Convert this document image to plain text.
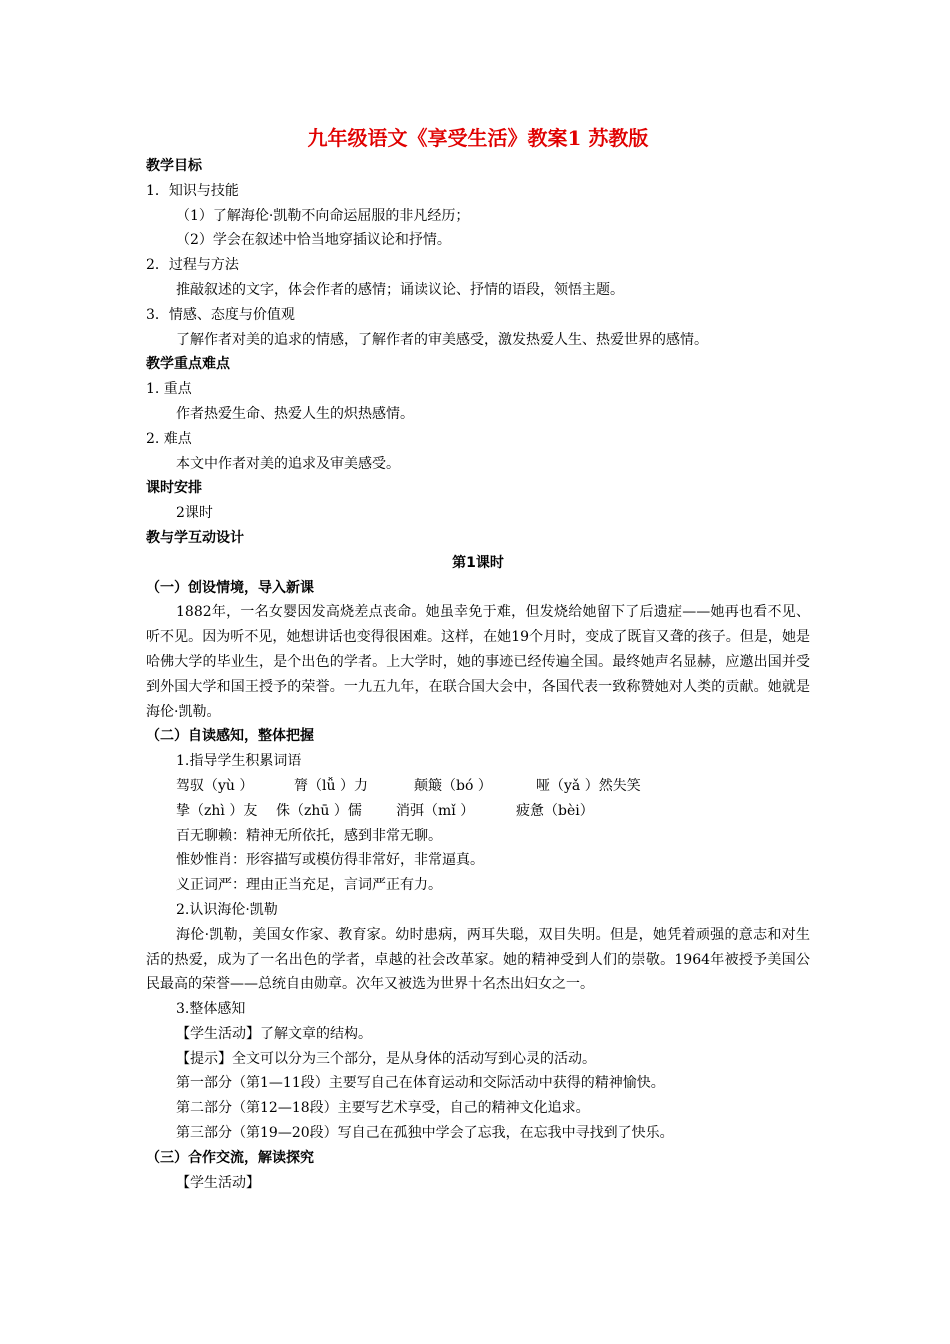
九年级语文《享受生活》教案1 苏教版

教学目标

1．知识与技能

（1）了解海伦·凯勒不向命运屈服的非凡经历；

（2）学会在叙述中恰当地穿插议论和抒情。

2．过程与方法

推敲叙述的文字，体会作者的感情；诵读议论、抒情的语段，领悟主题。

3．情感、态度与价值观

了解作者对美的追求的情感，了解作者的审美感受，激发热爱人生、热爱世界的感情。

教学重点难点

1. 重点

作者热爱生命、热爱人生的炽热感情。

2. 难点

本文中作者对美的追求及审美感受。

课时安排

2课时

教与学互动设计

第1课时

（一）创设情境，导入新课

1882年，一名女婴因发高烧差点丧命。她虽幸免于难，但发烧给她留下了后遗症——她再也看不见、听不见。因为听不见，她想讲话也变得很困难。这样，在她19个月时，变成了既盲又聋的孩子。但是，她是哈佛大学的毕业生，是个出色的学者。上大学时，她的事迹已经传遍全国。最终她声名显赫，应邀出国并受到外国大学和国王授予的荣誉。一九五九年，在联合国大会中，各国代表一致称赞她对人类的贡献。她就是海伦·凯勒。

（二）自读感知，整体把握

1.指导学生积累词语

驾驭（yù ）	膂（lǚ ）力	颠簸（bó ）	哑（yǎ ）然失笑

挚（zhì ）友 侏（zhū ）儒 消弭（mǐ ）	疲惫（bèi）

百无聊赖：精神无所依托，感到非常无聊。

惟妙惟肖：形容描写或模仿得非常好，非常逼真。

义正词严：理由正当充足，言词严正有力。

2.认识海伦·凯勒

海伦·凯勒，美国女作家、教育家。幼时患病，两耳失聪，双目失明。但是，她凭着顽强的意志和对生活的热爱，成为了一名出色的学者，卓越的社会改革家。她的精神受到人们的崇敬。1964年被授予美国公民最高的荣誉——总统自由勋章。次年又被选为世界十名杰出妇女之一。

3.整体感知

【学生活动】了解文章的结构。

【提示】全文可以分为三个部分，是从身体的活动写到心灵的活动。

第一部分（第1—11段）主要写自己在体育运动和交际活动中获得的精神愉快。

第二部分（第12—18段）主要写艺术享受，自己的精神文化追求。

第三部分（第19—20段）写自己在孤独中学会了忘我，在忘我中寻找到了快乐。

（三）合作交流，解读探究

【学生活动】
